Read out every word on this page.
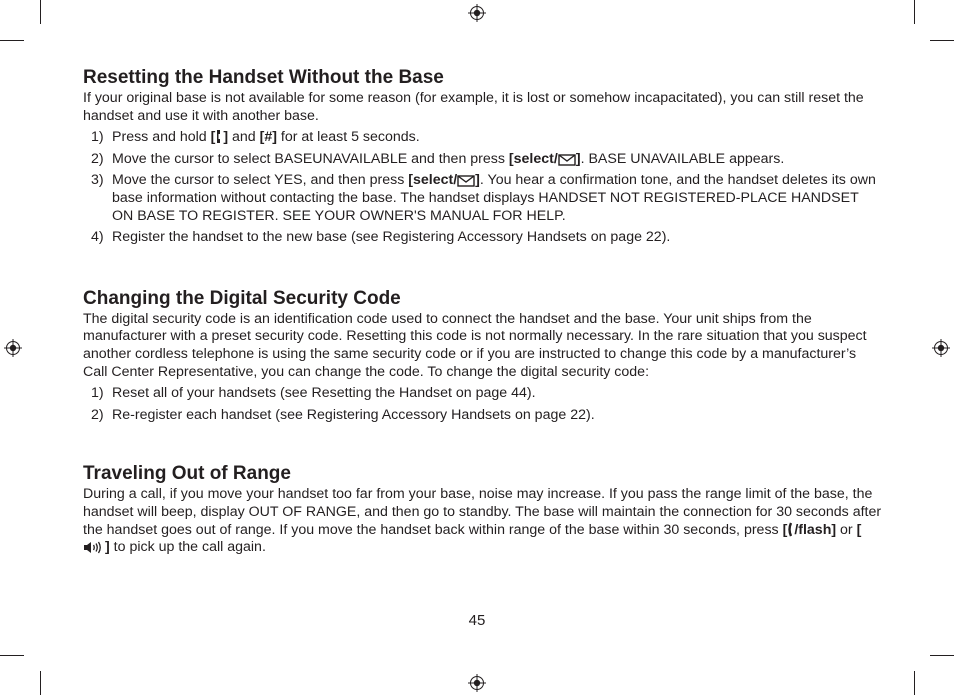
Resetting the Handset Without the Base

If your original base is not available for some reason (for example, it is lost or somehow incapacitated), you can still reset the handset and use it with another base.

1) Press and hold [ ] and [#] for at least 5 seconds.
2) Move the cursor to select BASEUNAVAILABLE and then press [select/ ]. BASE UNAVAILABLE appears.
3) Move the cursor to select YES, and then press [select/ ]. You hear a confirmation tone, and the handset deletes its own base information without contacting the base. The handset displays HANDSET NOT REGISTERED-PLACE HANDSET ON BASE TO REGISTER. SEE YOUR OWNER'S MANUAL FOR HELP.
4) Register the handset to the new base (see Registering Accessory Handsets on page 22).
Changing the Digital Security Code

The digital security code is an identification code used to connect the handset and the base. Your unit ships from the manufacturer with a preset security code. Resetting this code is not normally necessary. In the rare situation that you suspect another cordless telephone is using the same security code or if you are instructed to change this code by a manufacturer’s Call Center Representative, you can change the code. To change the digital security code:

1) Reset all of your handsets (see Resetting the Handset on page 44).
2) Re-register each handset (see Registering Accessory Handsets on page 22).
Traveling Out of Range

During a call, if you move your handset too far from your base, noise may increase. If you pass the range limit of the base, the handset will beep, display OUT OF RANGE, and then go to standby. The base will maintain the connection for 30 seconds after the handset goes out of range. If you move the handset back within range of the base within 30 seconds, press [ /flash] or [] to pick up the call again.

45
